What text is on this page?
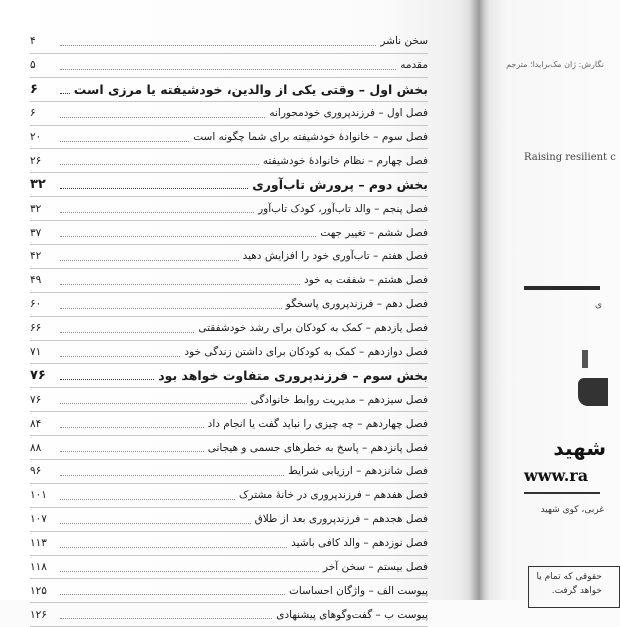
سخن ناشر
۴
مقدمه
۵
بخش اول – وقتی یکی از والدین، خودشیفته یا مرزی است
۶
فصل اول – فرزندپروری خودمحورانه
۶
فصل سوم – خانوادهٔ خودشیفته برای شما چگونه است
۲۰
فصل چهارم – نظام خانوادهٔ خودشیفته
۲۶
بخش دوم – پرورش تاب‌آوری
۳۲
فصل پنجم – والد تاب‌آور، کودک تاب‌آور
۳۲
فصل ششم – تغییر جهت
۳۷
فصل هفتم – تاب‌آوری خود را افزایش دهید
۴۲
فصل هشتم – شفقت به خود
۴۹
فصل دهم – فرزندپروری پاسخگو
۶۰
فصل یازدهم – کمک به کودکان برای رشد خودشفقتی
۶۶
فصل دوازدهم – کمک به کودکان برای داشتن زندگی خود
۷۱
بخش سوم – فرزندپروری متفاوت خواهد بود
۷۶
فصل سیزدهم – مدیریت روابط خانوادگی
۷۶
فصل چهاردهم – چه چیزی را نباید گفت یا انجام داد
۸۴
فصل پانزدهم – پاسخ به خطرهای جسمی و هیجانی
۸۸
فصل شانزدهم – ارزیابی شرایط
۹۶
فصل هفدهم – فرزندپروری در خانهٔ مشترک
۱۰۱
فصل هجدهم – فرزندپروری بعد از طلاق
۱۰۷
فصل نوزدهم – والد کافی باشید
۱۱۳
فصل بیستم – سخن آخر
۱۱۸
پیوست الف – واژگان احساسات
۱۲۵
پیوست ب – گفت‌وگوهای پیشنهادی
۱۲۶
نگارش: ژان مک‌برایدا؛ مترجم
Raising resilient c
ی
شهید
www.ra
غربی، کوی شهید
حقوقی که تمام یا
خواهد گرفت.
